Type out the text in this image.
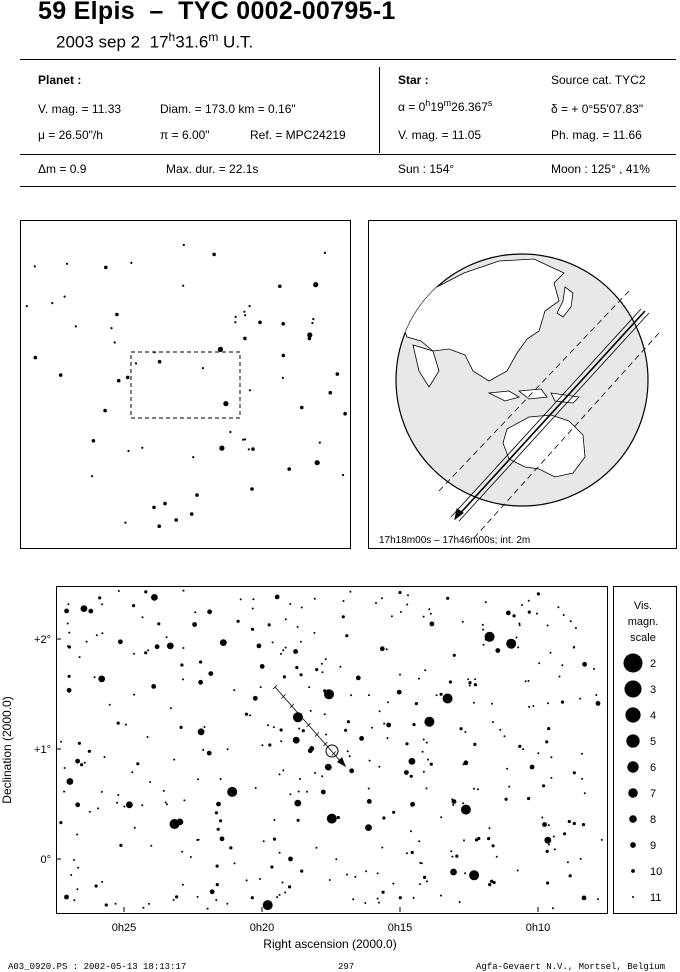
59 Elpis – TYC 0002-00795-1
2003 sep 2 17$^h$31.6$^m$ U.T.
Planet :
V. mag. = 11.33	Diam. = 173.0 km = 0.16"
μ = 26.50"/h	π = 6.00"	Ref. = MPC24219
Star :	Source cat. TYC2
$\alpha = 0^h19^m26.367^s$	δ = + 0°55'07.83"
V. mag. = 11.05	Ph. mag. = 11.66
Δm = 0.9	Max. dur. = 22.1s	Sun : 154°	Moon : 125° , 41%
17h18m00s – 17h46m00s; int. 2m
0h25	0h20	0h15	0h10
+2°
+1°
0°
Right ascension (2000.0)
Declination (2000.0)
Vis.
magn.
scale
2
3
4
5
6
7
8
9
10
11
A03_0920.PS : 2002-05-13 18:13:17	297	Agfa-Gevaert N.V., Mortsel, Belgium
